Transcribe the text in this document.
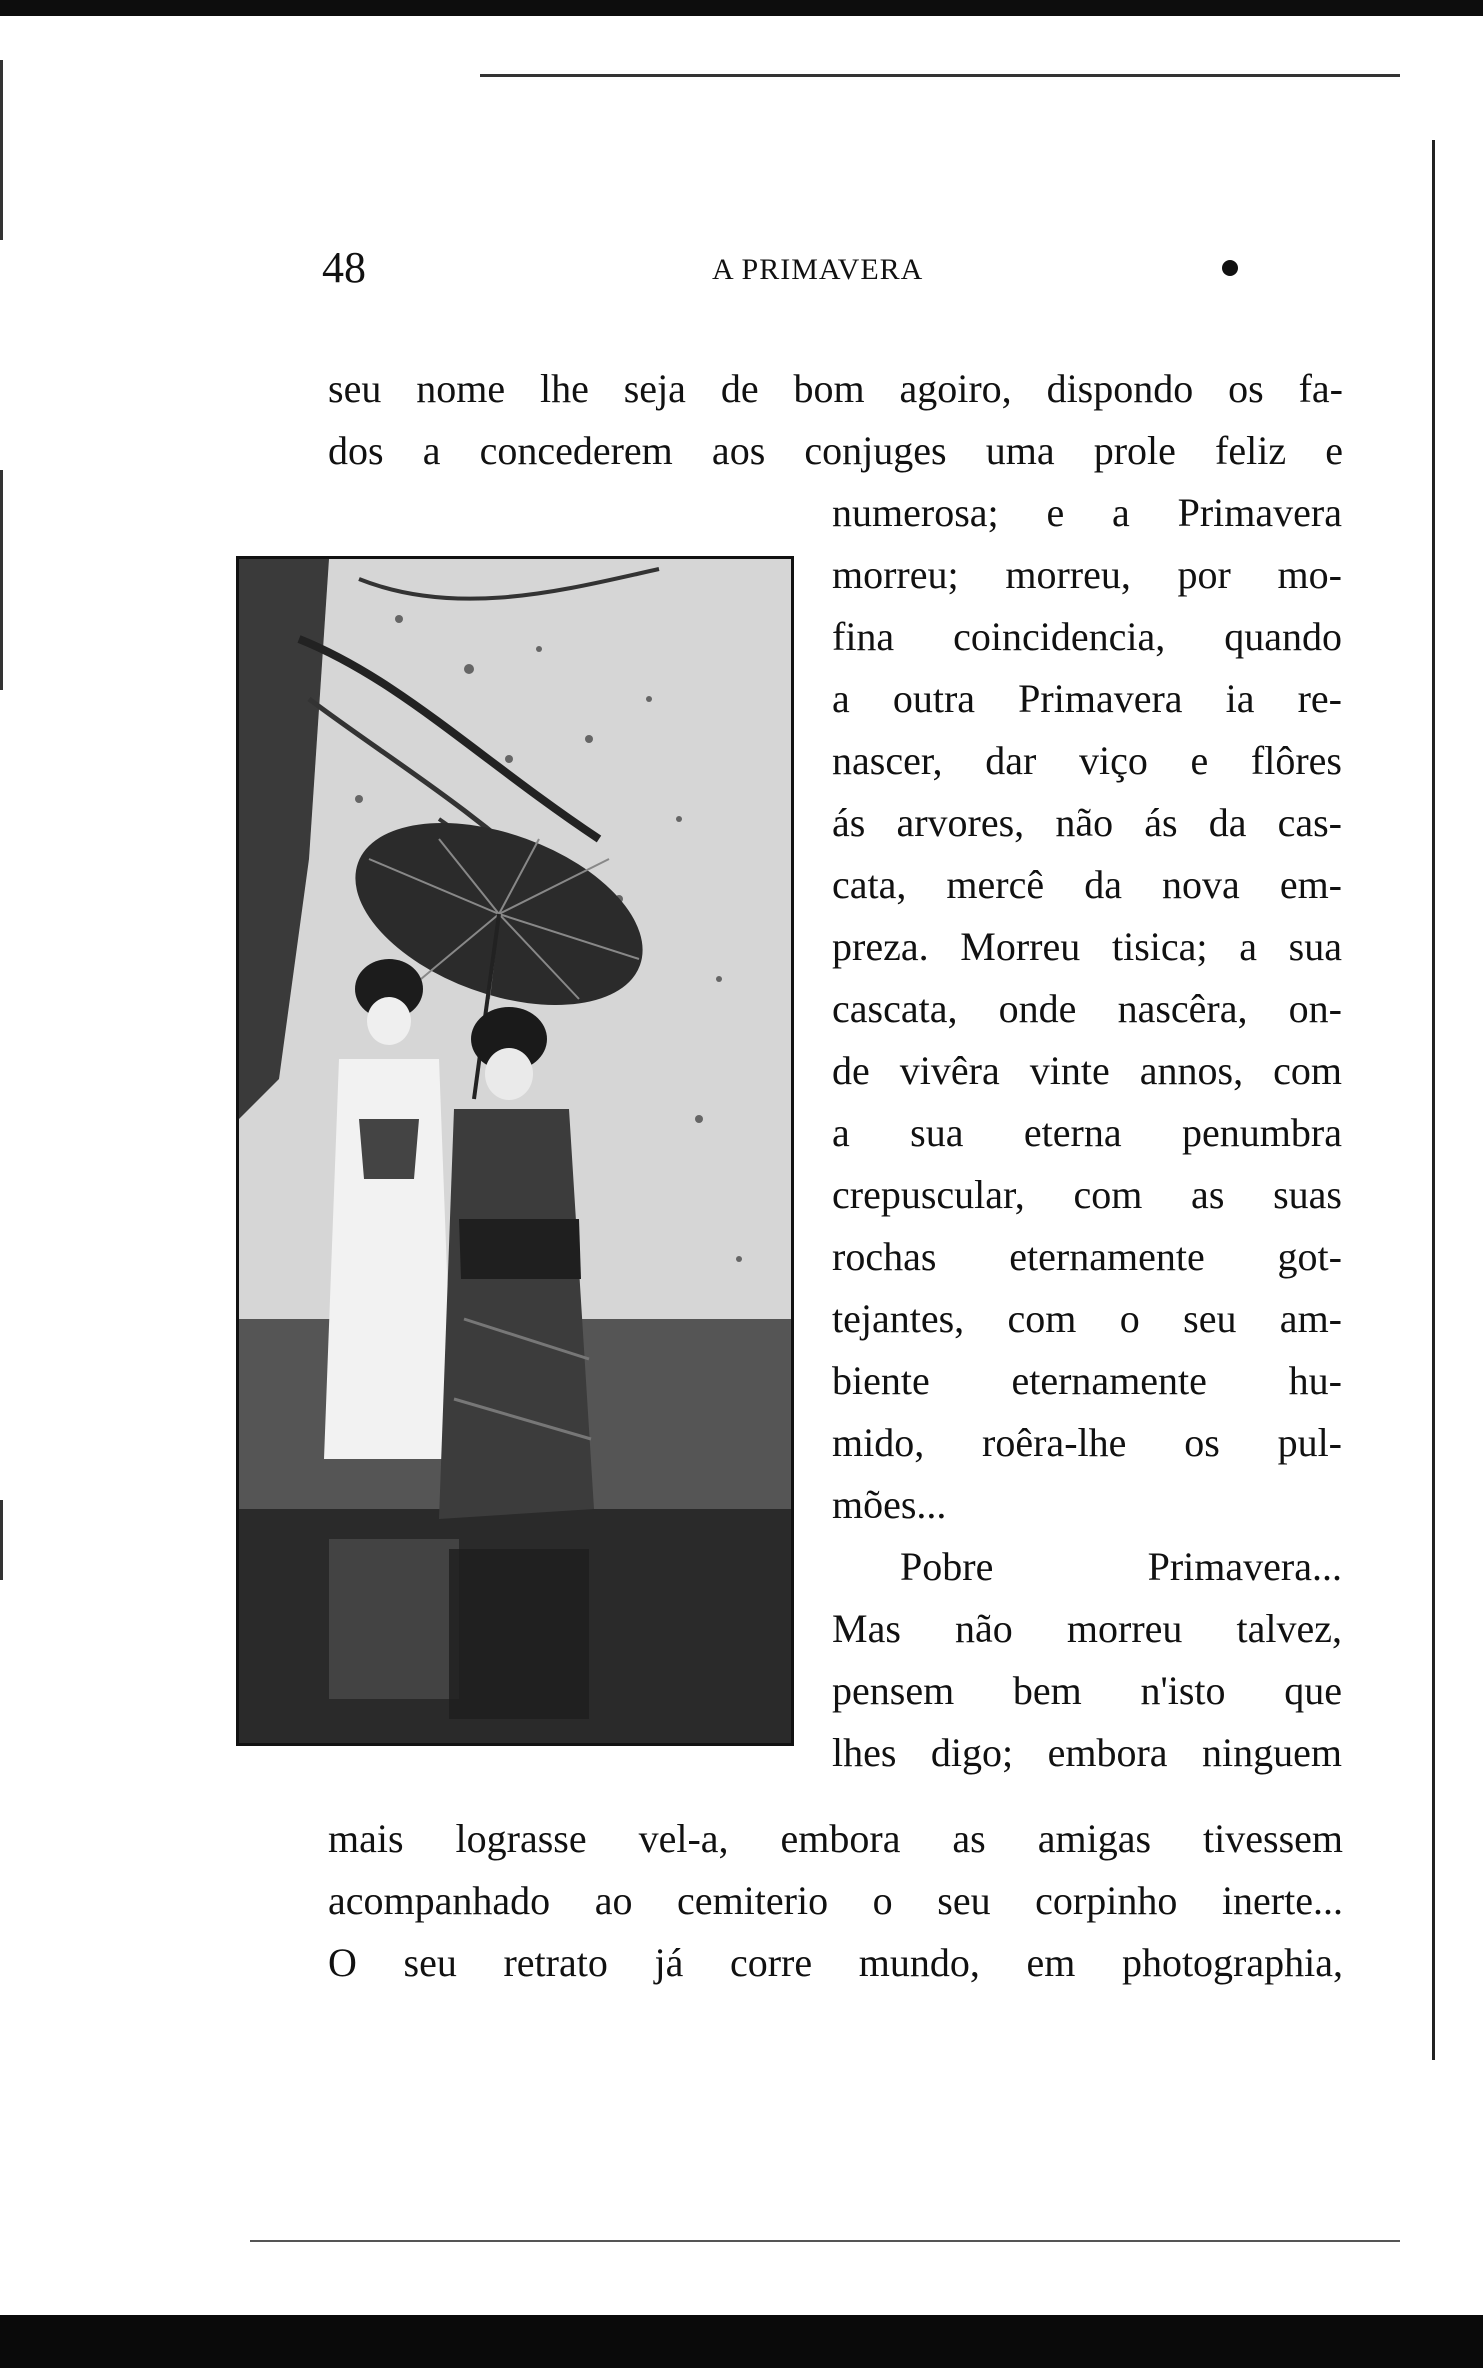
48	A PRIMAVERA
seu nome lhe seja de bom agoiro, dispondo os fa-
dos a concederem aos conjuges uma prole feliz e
numerosa; e a Primavera
morreu; morreu, por mo-
fina coincidencia, quando
a outra Primavera ia re-
nascer, dar viço e flôres
ás arvores, não ás da cas-
cata, mercê da nova em-
preza. Morreu tisica; a sua
cascata, onde nascêra, on-
de vivêra vinte annos, com
a sua eterna penumbra
crepuscular, com as suas
rochas eternamente got-
tejantes, com o seu am-
biente eternamente hu-
mido, roêra-lhe os pul-
mões...
Pobre Primavera...
Mas não morreu talvez,
pensem bem n'isto que
lhes digo; embora ninguem
mais lograsse vel-a, embora as amigas tivessem
acompanhado ao cemiterio o seu corpinho inerte...
O seu retrato já corre mundo, em photographia,
